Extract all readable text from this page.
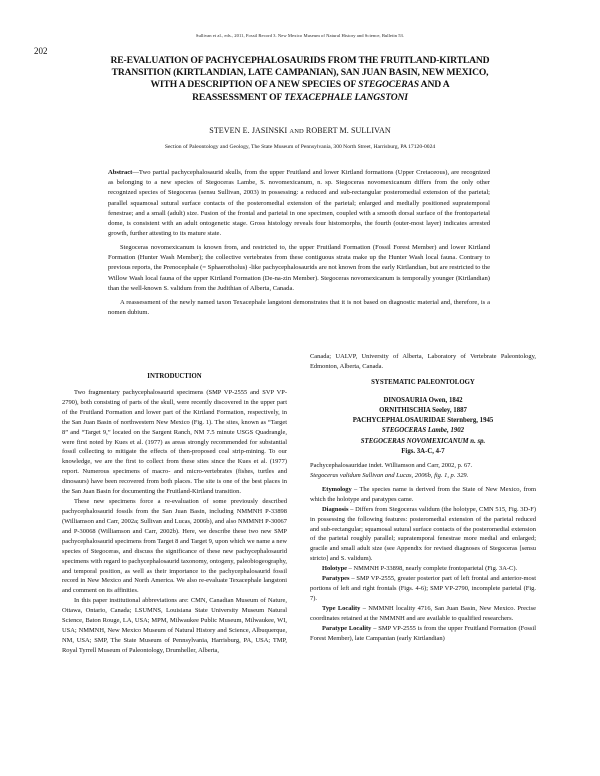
Sullivan et al., eds., 2011, Fossil Record 3. New Mexico Museum of Natural History and Science, Bulletin 53.
202
RE-EVALUATION OF PACHYCEPHALOSAURIDS FROM THE FRUITLAND-KIRTLAND
TRANSITION (KIRTLANDIAN, LATE CAMPANIAN), SAN JUAN BASIN, NEW MEXICO,
WITH A DESCRIPTION OF A NEW SPECIES OF STEGOCERAS AND A
REASSESSMENT OF TEXACEPHALE LANGSTONI
STEVEN E. JASINSKI AND ROBERT M. SULLIVAN
Section of Paleontology and Geology, The State Museum of Pennsylvania, 300 North Street, Harrisburg, PA 17120-0024

Abstract—Two partial pachycephalosaurid skulls, from the upper Fruitland and lower Kirtland formations (Upper Cretaceous), are recognized as belonging to a new species of Stegoceras Lambe, S. novomexicanum, n. sp. Stegoceras novomexicanum differs from the only other recognized species of Stegoceras (sensu Sullivan, 2003) in possessing: a reduced and sub-rectangular posteromedial extension of the parietal; parallel squamosal sutural surface contacts of the posteromedial extension of the parietal; enlarged and medially positioned supratemporal fenestrae; and a small (adult) size. Fusion of the frontal and parietal in one specimen, coupled with a smooth dorsal surface of the frontoparietal dome, is consistent with an adult ontogenetic stage. Gross histology reveals four histomorphs, the fourth (outer-most layer) indicates arrested growth, further attesting to its mature state.

Stegoceras novomexicanum is known from, and restricted to, the upper Fruitland Formation (Fossil Forest Member) and lower Kirtland Formation (Hunter Wash Member); the collective vertebrates from these contiguous strata make up the Hunter Wash local fauna. Contrary to previous reports, the Prenocephale (= Sphaerotholus) -like pachycephalosaurids are not known from the early Kirtlandian, but are restricted to the Willow Wash local fauna of the upper Kirtland Formation (De-na-zin Member). Stegoceras novomexicanum is temporally younger (Kirtlandian) than the well-known S. validum from the Judithian of Alberta, Canada.

A reassessment of the newly named taxon Texacephale langstoni demonstrates that it is not based on diagnostic material and, therefore, is a nomen dubium.

INTRODUCTION

Two fragmentary pachycephalosaurid specimens (SMP VP-2555 and SVP VP-2790), both consisting of parts of the skull, were recently discovered in the upper part of the Fruitland Formation and lower part of the Kirtland Formation, respectively, in the San Juan Basin of northwestern New Mexico (Fig. 1). The sites, known as “Target 8” and “Target 9,” located on the Sargent Ranch, NM 7.5 minute USGS Quadrangle, were first noted by Kues et al. (1977) as areas strongly recommended for substantial fossil collecting to mitigate the effects of then-proposed coal strip-mining. To our knowledge, we are the first to collect from these sites since the Kues et al. (1977) report. Numerous specimens of macro- and micro-vertebrates (fishes, turtles and dinosaurs) have been recovered from both places. The site is one of the best places in the San Juan Basin for documenting the Fruitland-Kirtland transition.

These new specimens force a re-evaluation of some previously described pachycephalosaurid fossils from the San Juan Basin, including NMMNH P-33898 (Williamson and Carr, 2002a; Sullivan and Lucas, 2006b), and also NMMNH P-30067 and P-30068 (Williamson and Carr, 2002b). Here, we describe these two new SMP pachycephalosaurid specimens from Target 8 and Target 9, upon which we name a new species of Stegoceras, and discuss the significance of these new pachycephalosaurid specimens with regard to pachycephalosaurid taxonomy, ontogeny, paleobiogeography, and temporal position, as well as their importance to the pachycephalosaurid fossil record in New Mexico and North America. We also re-evaluate Texacephale langstoni and comment on its affinities.

In this paper institutional abbreviations are: CMN, Canadian Museum of Nature, Ottawa, Ontario, Canada; LSUMNS, Louisiana State University Museum Natural Science, Baton Rouge, LA, USA; MPM, Milwaukee Public Museum, Milwaukee, WI, USA; NMMNH, New Mexico Museum of Natural History and Science, Albuquerque, NM, USA; SMP, The State Museum of Pennsylvania, Harrisburg, PA, USA; TMP, Royal Tyrrell Museum of Paleontology, Drumheller, Alberta,

Canada; UALVP, University of Alberta, Laboratory of Vertebrate Paleontology, Edmonton, Alberta, Canada.

SYSTEMATIC PALEONTOLOGY

DINOSAURIA Owen, 1842
ORNITHISCHIA Seeley, 1887
PACHYCEPHALOSAURIDAE Sternberg, 1945
STEGOCERAS Lambe, 1902
STEGOCERAS NOVOMEXICANUM n. sp.
Figs. 3A-C, 4-7

Pachycephalosauridae indet. Williamson and Carr, 2002, p. 67.

Stegoceras validum Sullivan and Lucas, 2006b, fig. 1, p. 329.

Etymology – The species name is derived from the State of New Mexico, from which the holotype and paratypes came.

Diagnosis – Differs from Stegoceras validum (the holotype, CMN 515, Fig. 3D-F) in possessing the following features: posteromedial extension of the parietal reduced and sub-rectangular; squamosal sutural surface contacts of the posteromedial extension of the parietal roughly parallel; supratemporal fenestrae more medial and enlarged; gracile and small adult size (see Appendix for revised diagnoses of Stegoceras [sensu stricto] and S. validum).

Holotype – NMMNH P-33898, nearly complete frontoparietal (Fig. 3A-C).

Paratypes – SMP VP-2555, greater posterior part of left frontal and anterior-most portions of left and right frontals (Figs. 4-6); SMP VP-2790, incomplete parietal (Fig. 7).

Type Locality – NMMNH locality 4716, San Juan Basin, New Mexico. Precise coordinates retained at the NMMNH and are available to qualified researchers.

Paratype Locality – SMP VP-2555 is from the upper Fruitland Formation (Fossil Forest Member), late Campanian (early Kirtlandian)
